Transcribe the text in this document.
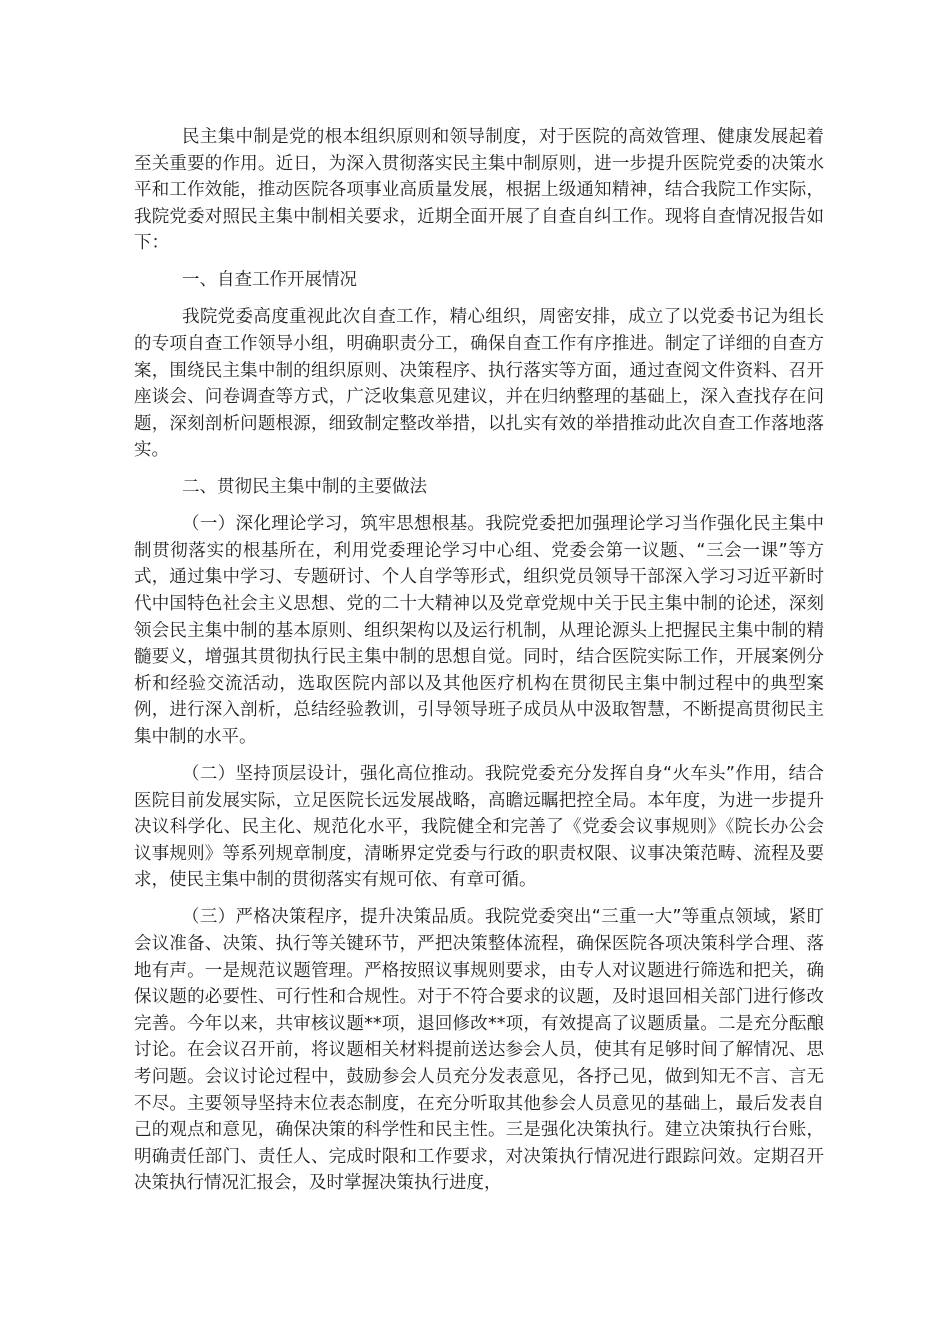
民主集中制是党的根本组织原则和领导制度，对于医院的高效管理、健康发展起着至关重要的作用。近日，为深入贯彻落实民主集中制原则，进一步提升医院党委的决策水平和工作效能，推动医院各项事业高质量发展，根据上级通知精神，结合我院工作实际，我院党委对照民主集中制相关要求，近期全面开展了自查自纠工作。现将自查情况报告如下：

一、自查工作开展情况

我院党委高度重视此次自查工作，精心组织，周密安排，成立了以党委书记为组长的专项自查工作领导小组，明确职责分工，确保自查工作有序推进。制定了详细的自查方案，围绕民主集中制的组织原则、决策程序、执行落实等方面，通过查阅文件资料、召开座谈会、问卷调查等方式，广泛收集意见建议，并在归纳整理的基础上，深入查找存在问题，深刻剖析问题根源，细致制定整改举措，以扎实有效的举措推动此次自查工作落地落实。

二、贯彻民主集中制的主要做法

（一）深化理论学习，筑牢思想根基。我院党委把加强理论学习当作强化民主集中制贯彻落实的根基所在，利用党委理论学习中心组、党委会第一议题、“三会一课”等方式，通过集中学习、专题研讨、个人自学等形式，组织党员领导干部深入学习习近平新时代中国特色社会主义思想、党的二十大精神以及党章党规中关于民主集中制的论述，深刻领会民主集中制的基本原则、组织架构以及运行机制，从理论源头上把握民主集中制的精髓要义，增强其贯彻执行民主集中制的思想自觉。同时，结合医院实际工作，开展案例分析和经验交流活动，选取医院内部以及其他医疗机构在贯彻民主集中制过程中的典型案例，进行深入剖析，总结经验教训，引导领导班子成员从中汲取智慧，不断提高贯彻民主集中制的水平。

（二）坚持顶层设计，强化高位推动。我院党委充分发挥自身“火车头”作用，结合医院目前发展实际，立足医院长远发展战略，高瞻远瞩把控全局。本年度，为进一步提升决议科学化、民主化、规范化水平，我院健全和完善了《党委会议事规则》《院长办公会议事规则》等系列规章制度，清晰界定党委与行政的职责权限、议事决策范畴、流程及要求，使民主集中制的贯彻落实有规可依、有章可循。

（三）严格决策程序，提升决策品质。我院党委突出“三重一大”等重点领域，紧盯会议准备、决策、执行等关键环节，严把决策整体流程，确保医院各项决策科学合理、落地有声。一是规范议题管理。严格按照议事规则要求，由专人对议题进行筛选和把关，确保议题的必要性、可行性和合规性。对于不符合要求的议题，及时退回相关部门进行修改完善。今年以来，共审核议题**项，退回修改**项，有效提高了议题质量。二是充分酝酿讨论。在会议召开前，将议题相关材料提前送达参会人员，使其有足够时间了解情况、思考问题。会议讨论过程中，鼓励参会人员充分发表意见，各抒己见，做到知无不言、言无不尽。主要领导坚持末位表态制度，在充分听取其他参会人员意见的基础上，最后发表自己的观点和意见，确保决策的科学性和民主性。三是强化决策执行。建立决策执行台账，明确责任部门、责任人、完成时限和工作要求，对决策执行情况进行跟踪问效。定期召开决策执行情况汇报会，及时掌握决策执行进度，
